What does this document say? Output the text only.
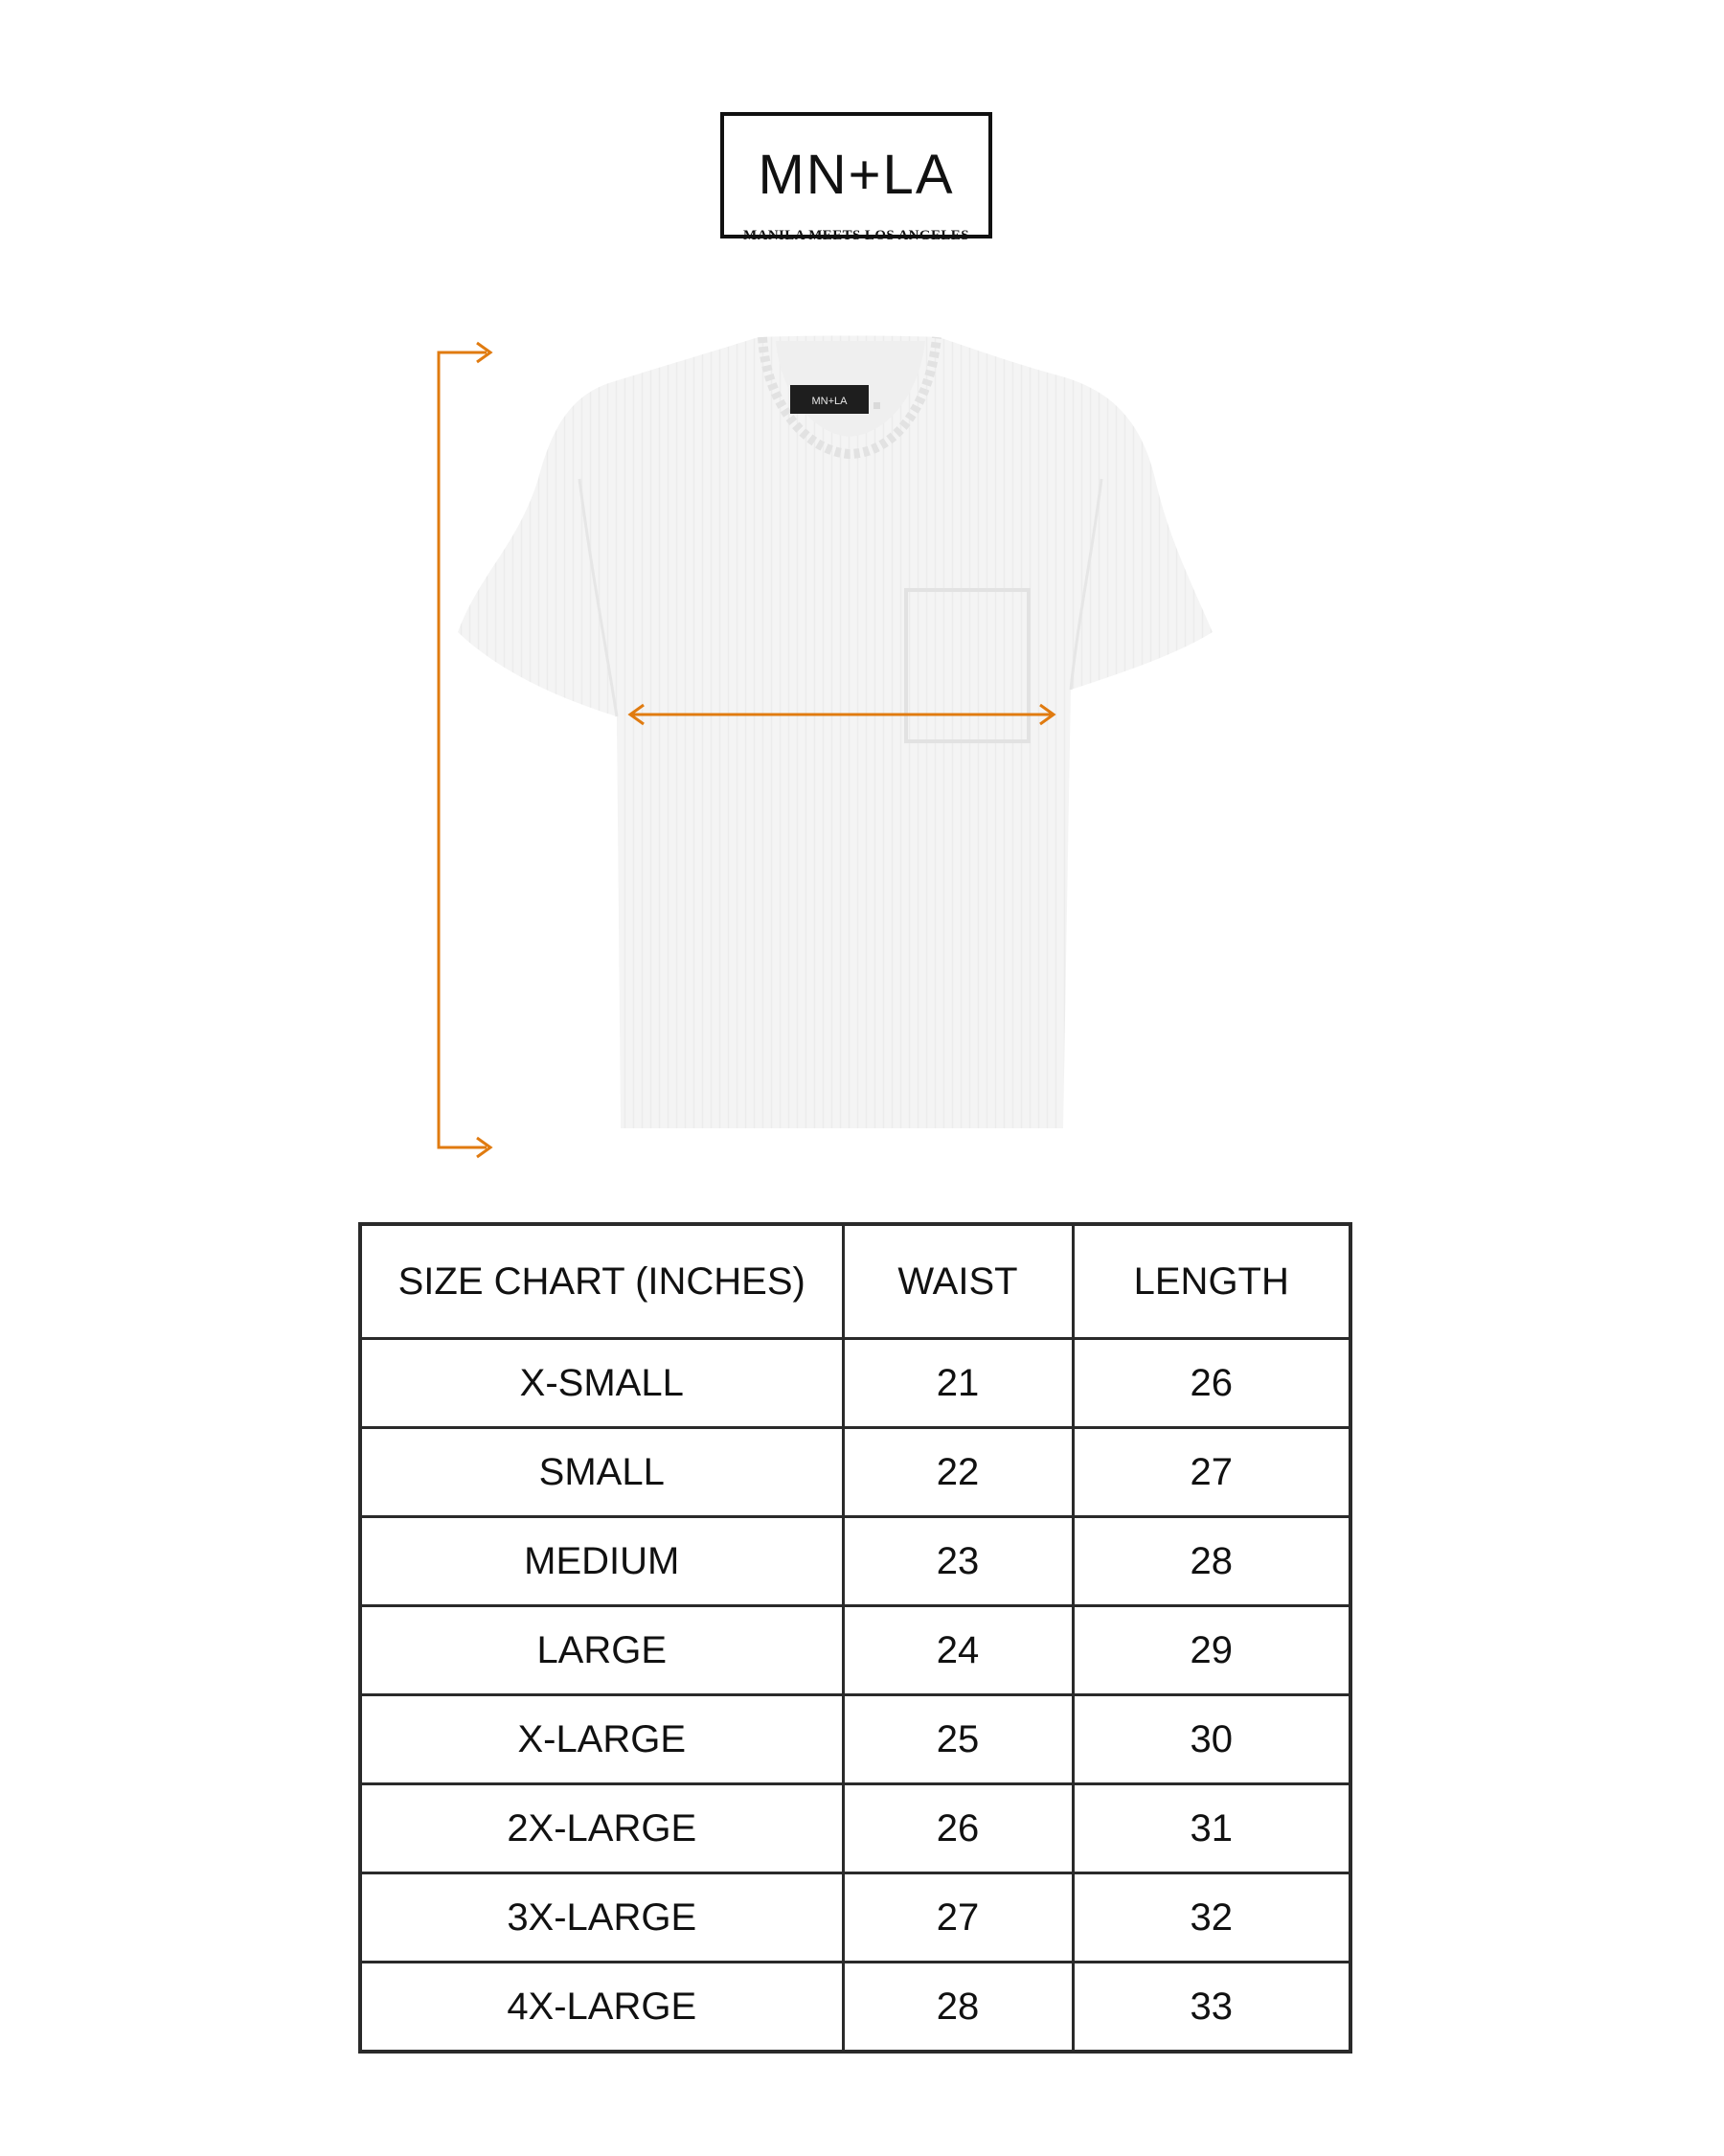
MN+LA
MANILA MEETS LOS ANGELES
MN+LA
SIZE CHART (INCHES)	WAIST	LENGTH
X-SMALL	21	26
SMALL	22	27
MEDIUM	23	28
LARGE	24	29
X-LARGE	25	30
2X-LARGE	26	31
3X-LARGE	27	32
4X-LARGE	28	33
